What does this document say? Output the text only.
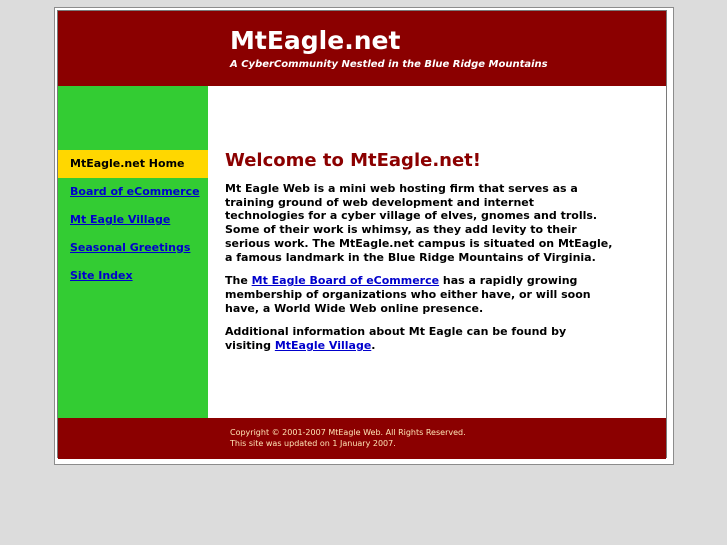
MtEagle.net

A CyberCommunity Nestled in the Blue Ridge Mountains

MtEagle.net Home
Board of eCommerce
Mt Eagle Village
Seasonal Greetings
Site Index
Welcome to MtEagle.net!

Mt Eagle Web is a mini web hosting firm that serves as a training ground of web development and internet technologies for a cyber village of elves, gnomes and trolls. Some of their work is whimsy, as they add levity to their serious work. The MtEagle.net campus is situated on MtEagle, a famous landmark in the Blue Ridge Mountains of Virginia.

The Mt Eagle Board of eCommerce has a rapidly growing membership of organizations who either have, or will soon have, a World Wide Web online presence.

Additional information about Mt Eagle can be found by visiting MtEagle Village.

Copyright © 2001-2007 MtEagle Web. All Rights Reserved.
This site was updated on 1 January 2007.
